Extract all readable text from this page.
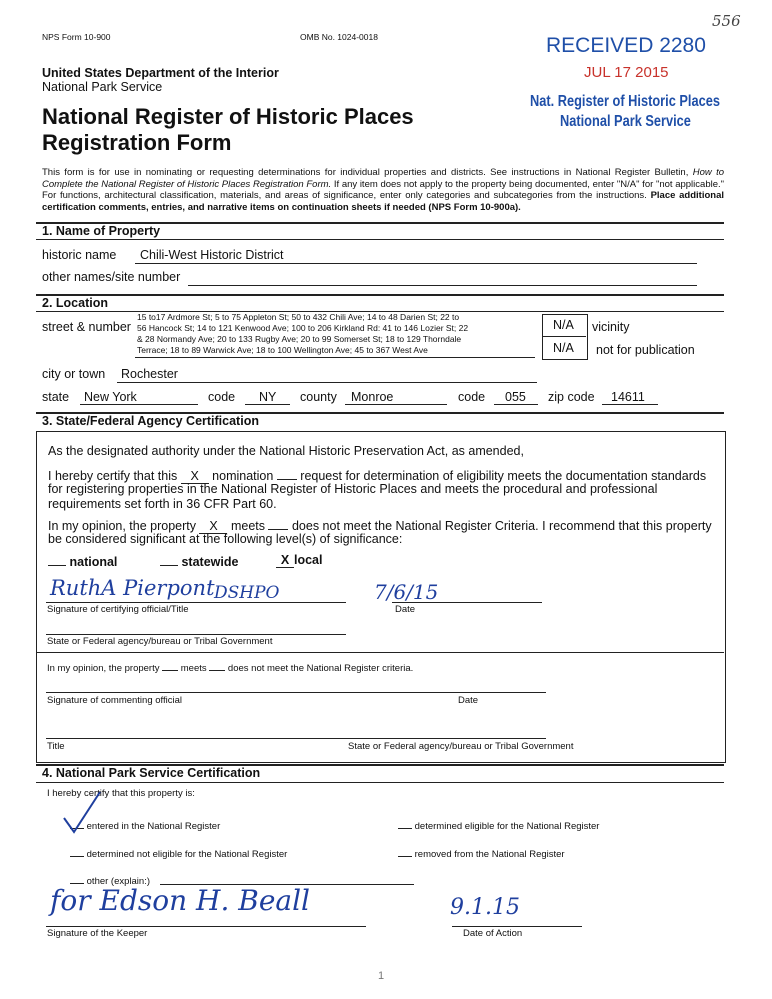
NPS Form 10-900	OMB No. 1024-0018
United States Department of the Interior
National Park Service
National Register of Historic Places
Registration Form
RECEIVED 2280
JUL 17 2015
Nat. Register of Historic Places
National Park Service
556
This form is for use in nominating or requesting determinations for individual properties and districts. See instructions in National Register Bulletin, How to Complete the National Register of Historic Places Registration Form. If any item does not apply to the property being documented, enter "N/A" for "not applicable." For functions, architectural classification, materials, and areas of significance, enter only categories and subcategories from the instructions. Place additional certification comments, entries, and narrative items on continuation sheets if needed (NPS Form 10-900a).
1. Name of Property
historic name Chili-West Historic District
other names/site number
2. Location
street & number
15 to17 Ardmore St; 5 to 75 Appleton St; 50 to 432 Chili Ave; 14 to 48 Darien St; 22 to
56 Hancock St; 14 to 121 Kenwood Ave; 100 to 206 Kirkland Rd: 41 to 146 Lozier St; 22
& 28 Normandy Ave; 20 to 133 Rugby Ave; 20 to 99 Somerset St; 18 to 129 Thorndale
Terrace; 18 to 89 Warwick Ave; 18 to 100 Wellington Ave; 45 to 367 West Ave
N/A
N/A
vicinity
not for publication
city or town Rochester
state New York	code NY county Monroe	code 055 zip code 14611
3. State/Federal Agency Certification
As the designated authority under the National Historic Preservation Act, as amended,
I hereby certify that this X nomination  request for determination of eligibility meets the documentation standards
for registering properties in the National Register of Historic Places and meets the procedural and professional
requirements set forth in 36 CFR Part 60.
In my opinion, the property X meets  does not meet the National Register Criteria. I recommend that this property
be considered significant at the following level(s) of significance:
national	statewide	X local
RuthA Pierpont DSHPO	7/6/15
Signature of certifying official/Title	Date
State or Federal agency/bureau or Tribal Government
In my opinion, the property  meets  does not meet the National Register criteria.
Signature of commenting official	Date
Title	State or Federal agency/bureau or Tribal Government
4. National Park Service Certification
I hereby certify that this property is:
entered in the National Register	determined eligible for the National Register
determined not eligible for the National Register	removed from the National Register
other (explain:)
for Edson H. Beall	9.1.15
Signature of the Keeper	Date of Action
1
